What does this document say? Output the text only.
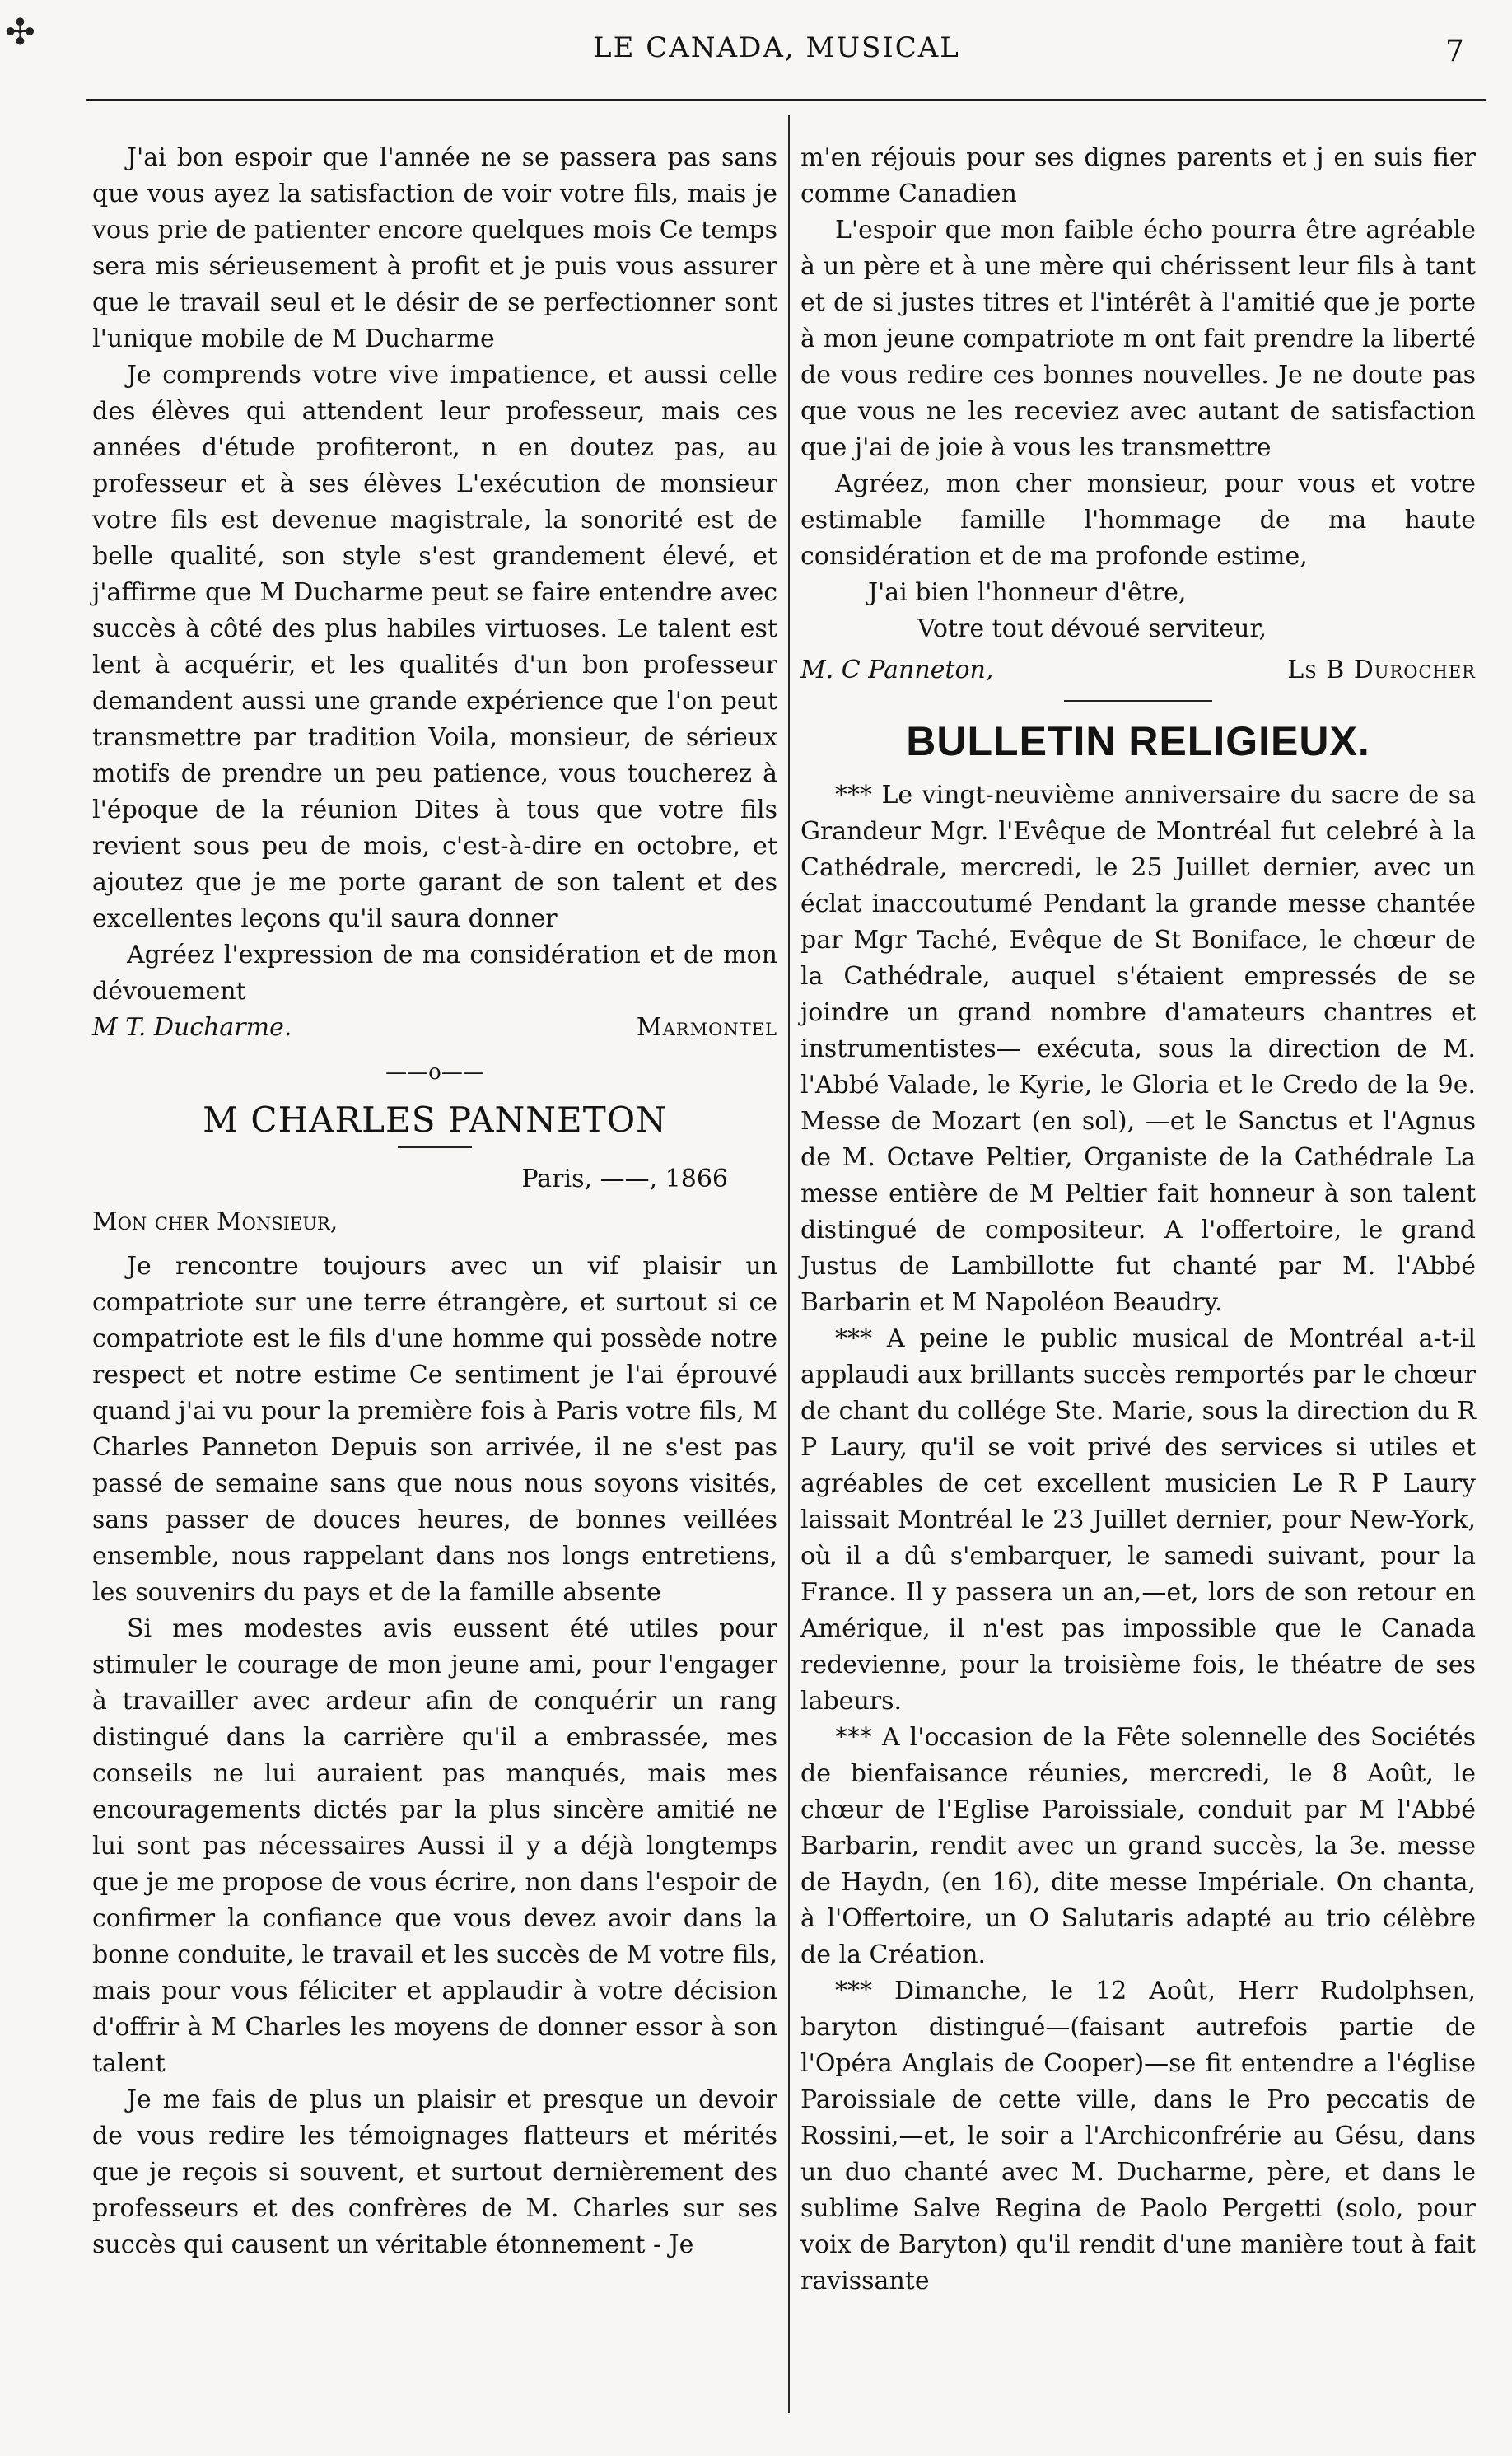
✣	LE CANADA, MUSICAL	7

J'ai bon espoir que l'année ne se passera pas sans que vous ayez la satisfaction de voir votre fils, mais je vous prie de patienter encore quelques mois Ce temps sera mis sérieusement à profit et je puis vous assurer que le travail seul et le désir de se perfectionner sont l'unique mobile de M Ducharme

Je comprends votre vive impatience, et aussi celle des élèves qui attendent leur professeur, mais ces années d'étude profiteront, n en doutez pas, au professeur et à ses élèves L'exécution de monsieur votre fils est devenue magistrale, la sonorité est de belle qualité, son style s'est grandement élevé, et j'affirme que M Ducharme peut se faire entendre avec succès à côté des plus habiles virtuoses. Le talent est lent à acquérir, et les qualités d'un bon professeur demandent aussi une grande expérience que l'on peut transmettre par tradition Voila, monsieur, de sérieux motifs de prendre un peu patience, vous toucherez à l'époque de la réunion Dites à tous que votre fils revient sous peu de mois, c'est-à-dire en octobre, et ajoutez que je me porte garant de son talent et des excellentes leçons qu'il saura donner

Agréez l'expression de ma considération et de mon dévouement

M T. Ducharme.	Marmontel
——o——
M CHARLES PANNETON
Paris, ——, 1866
Mon cher Monsieur,

Je rencontre toujours avec un vif plaisir un compatriote sur une terre étrangère, et surtout si ce compatriote est le fils d'une homme qui possède notre respect et notre estime Ce sentiment je l'ai éprouvé quand j'ai vu pour la première fois à Paris votre fils, M Charles Panneton Depuis son arrivée, il ne s'est pas passé de semaine sans que nous nous soyons visités, sans passer de douces heures, de bonnes veillées ensemble, nous rappelant dans nos longs entretiens, les souvenirs du pays et de la famille absente

Si mes modestes avis eussent été utiles pour stimuler le courage de mon jeune ami, pour l'engager à travailler avec ardeur afin de conquérir un rang distingué dans la carrière qu'il a embrassée, mes conseils ne lui auraient pas manqués, mais mes encouragements dictés par la plus sincère amitié ne lui sont pas nécessaires Aussi il y a déjà longtemps que je me propose de vous écrire, non dans l'espoir de confirmer la confiance que vous devez avoir dans la bonne conduite, le travail et les succès de M votre fils, mais pour vous féliciter et applaudir à votre décision d'offrir à M Charles les moyens de donner essor à son talent

Je me fais de plus un plaisir et presque un devoir de vous redire les témoignages flatteurs et mérités que je reçois si souvent, et surtout dernièrement des professeurs et des confrères de M. Charles sur ses succès qui causent un véritable étonnement - Je

m'en réjouis pour ses dignes parents et j en suis fier comme Canadien

L'espoir que mon faible écho pourra être agréable à un père et à une mère qui chérissent leur fils à tant et de si justes titres et l'intérêt à l'amitié que je porte à mon jeune compatriote m ont fait prendre la liberté de vous redire ces bonnes nouvelles. Je ne doute pas que vous ne les receviez avec autant de satisfaction que j'ai de joie à vous les transmettre

Agréez, mon cher monsieur, pour vous et votre estimable famille l'hommage de ma haute considération et de ma profonde estime,

J'ai bien l'honneur d'être,

Votre tout dévoué serviteur,

M. C Panneton,	Ls B Durocher
BULLETIN RELIGIEUX.

*** Le vingt-neuvième anniversaire du sacre de sa Grandeur Mgr. l'Evêque de Montréal fut celebré à la Cathédrale, mercredi, le 25 Juillet dernier, avec un éclat inaccoutumé Pendant la grande messe chantée par Mgr Taché, Evêque de St Boniface, le chœur de la Cathédrale, auquel s'étaient empressés de se joindre un grand nombre d'amateurs chantres et instrumentistes— exécuta, sous la direction de M. l'Abbé Valade, le Kyrie, le Gloria et le Credo de la 9e. Messe de Mozart (en sol), —et le Sanctus et l'Agnus de M. Octave Peltier, Organiste de la Cathédrale La messe entière de M Peltier fait honneur à son talent distingué de compositeur. A l'offertoire, le grand Justus de Lambillotte fut chanté par M. l'Abbé Barbarin et M Napoléon Beaudry.

*** A peine le public musical de Montréal a-t-il applaudi aux brillants succès remportés par le chœur de chant du collége Ste. Marie, sous la direction du R P Laury, qu'il se voit privé des services si utiles et agréables de cet excellent musicien Le R P Laury laissait Montréal le 23 Juillet dernier, pour New-York, où il a dû s'embarquer, le samedi suivant, pour la France. Il y passera un an,—et, lors de son retour en Amérique, il n'est pas impossible que le Canada redevienne, pour la troisième fois, le théatre de ses labeurs.

*** A l'occasion de la Fête solennelle des Sociétés de bienfaisance réunies, mercredi, le 8 Août, le chœur de l'Eglise Paroissiale, conduit par M l'Abbé Barbarin, rendit avec un grand succès, la 3e. messe de Haydn, (en 16), dite messe Impériale. On chanta, à l'Offertoire, un O Salutaris adapté au trio célèbre de la Création.

*** Dimanche, le 12 Août, Herr Rudolphsen, baryton distingué—(faisant autrefois partie de l'Opéra Anglais de Cooper)—se fit entendre a l'église Paroissiale de cette ville, dans le Pro peccatis de Rossini,—et, le soir a l'Archiconfrérie au Gésu, dans un duo chanté avec M. Ducharme, père, et dans le sublime Salve Regina de Paolo Pergetti (solo, pour voix de Baryton) qu'il rendit d'une manière tout à fait ravissante
